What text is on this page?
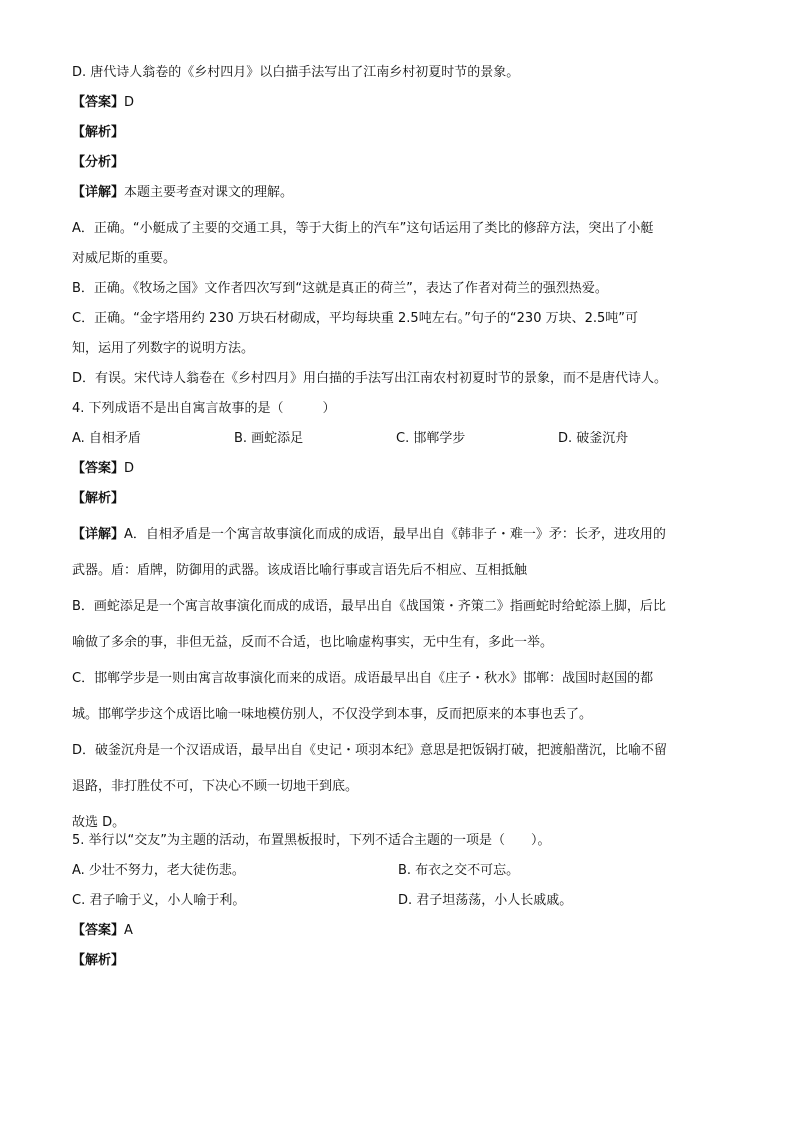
D. 唐代诗人翁卷的《乡村四月》以白描手法写出了江南乡村初夏时节的景象。

【答案】D

【解析】

【分析】

【详解】本题主要考查对课文的理解。

A．正确。“小艇成了主要的交通工具，等于大街上的汽车”这句话运用了类比的修辞方法，突出了小艇

对威尼斯的重要。

B．正确。《牧场之国》文作者四次写到“这就是真正的荷兰”，表达了作者对荷兰的强烈热爱。

C．正确。“金字塔用约 230 万块石材砌成，平均每块重 2.5吨左右。”句子的“230 万块、2.5吨”可

知，运用了列数字的说明方法。

D．有误。宋代诗人翁卷在《乡村四月》用白描的手法写出江南农村初夏时节的景象，而不是唐代诗人。

4. 下列成语不是出自寓言故事的是（　　　）

A. 自相矛盾	B. 画蛇添足	C. 邯郸学步	D. 破釜沉舟

【答案】D

【解析】

【详解】A．自相矛盾是一个寓言故事演化而成的成语，最早出自《韩非子・难一》矛：长矛，进攻用的

武器。盾：盾牌，防御用的武器。该成语比喻行事或言语先后不相应、互相抵触

B．画蛇添足是一个寓言故事演化而成的成语，最早出自《战国策・齐策二》指画蛇时给蛇添上脚，后比

喻做了多余的事，非但无益，反而不合适，也比喻虚构事实，无中生有，多此一举。

C．邯郸学步是一则由寓言故事演化而来的成语。成语最早出自《庄子・秋水》邯郸：战国时赵国的都

城。邯郸学步这个成语比喻一味地模仿别人，不仅没学到本事，反而把原来的本事也丢了。

D．破釜沉舟是一个汉语成语，最早出自《史记・项羽本纪》意思是把饭锅打破，把渡船凿沉，比喻不留

退路，非打胜仗不可，下决心不顾一切地干到底。

故选 D。

5. 举行以“交友”为主题的活动，布置黑板报时，下列不适合主题的一项是（　　）。

A. 少壮不努力，老大徒伤悲。	B. 布衣之交不可忘。
C. 君子喻于义，小人喻于利。	D. 君子坦荡荡，小人长戚戚。

【答案】A

【解析】
